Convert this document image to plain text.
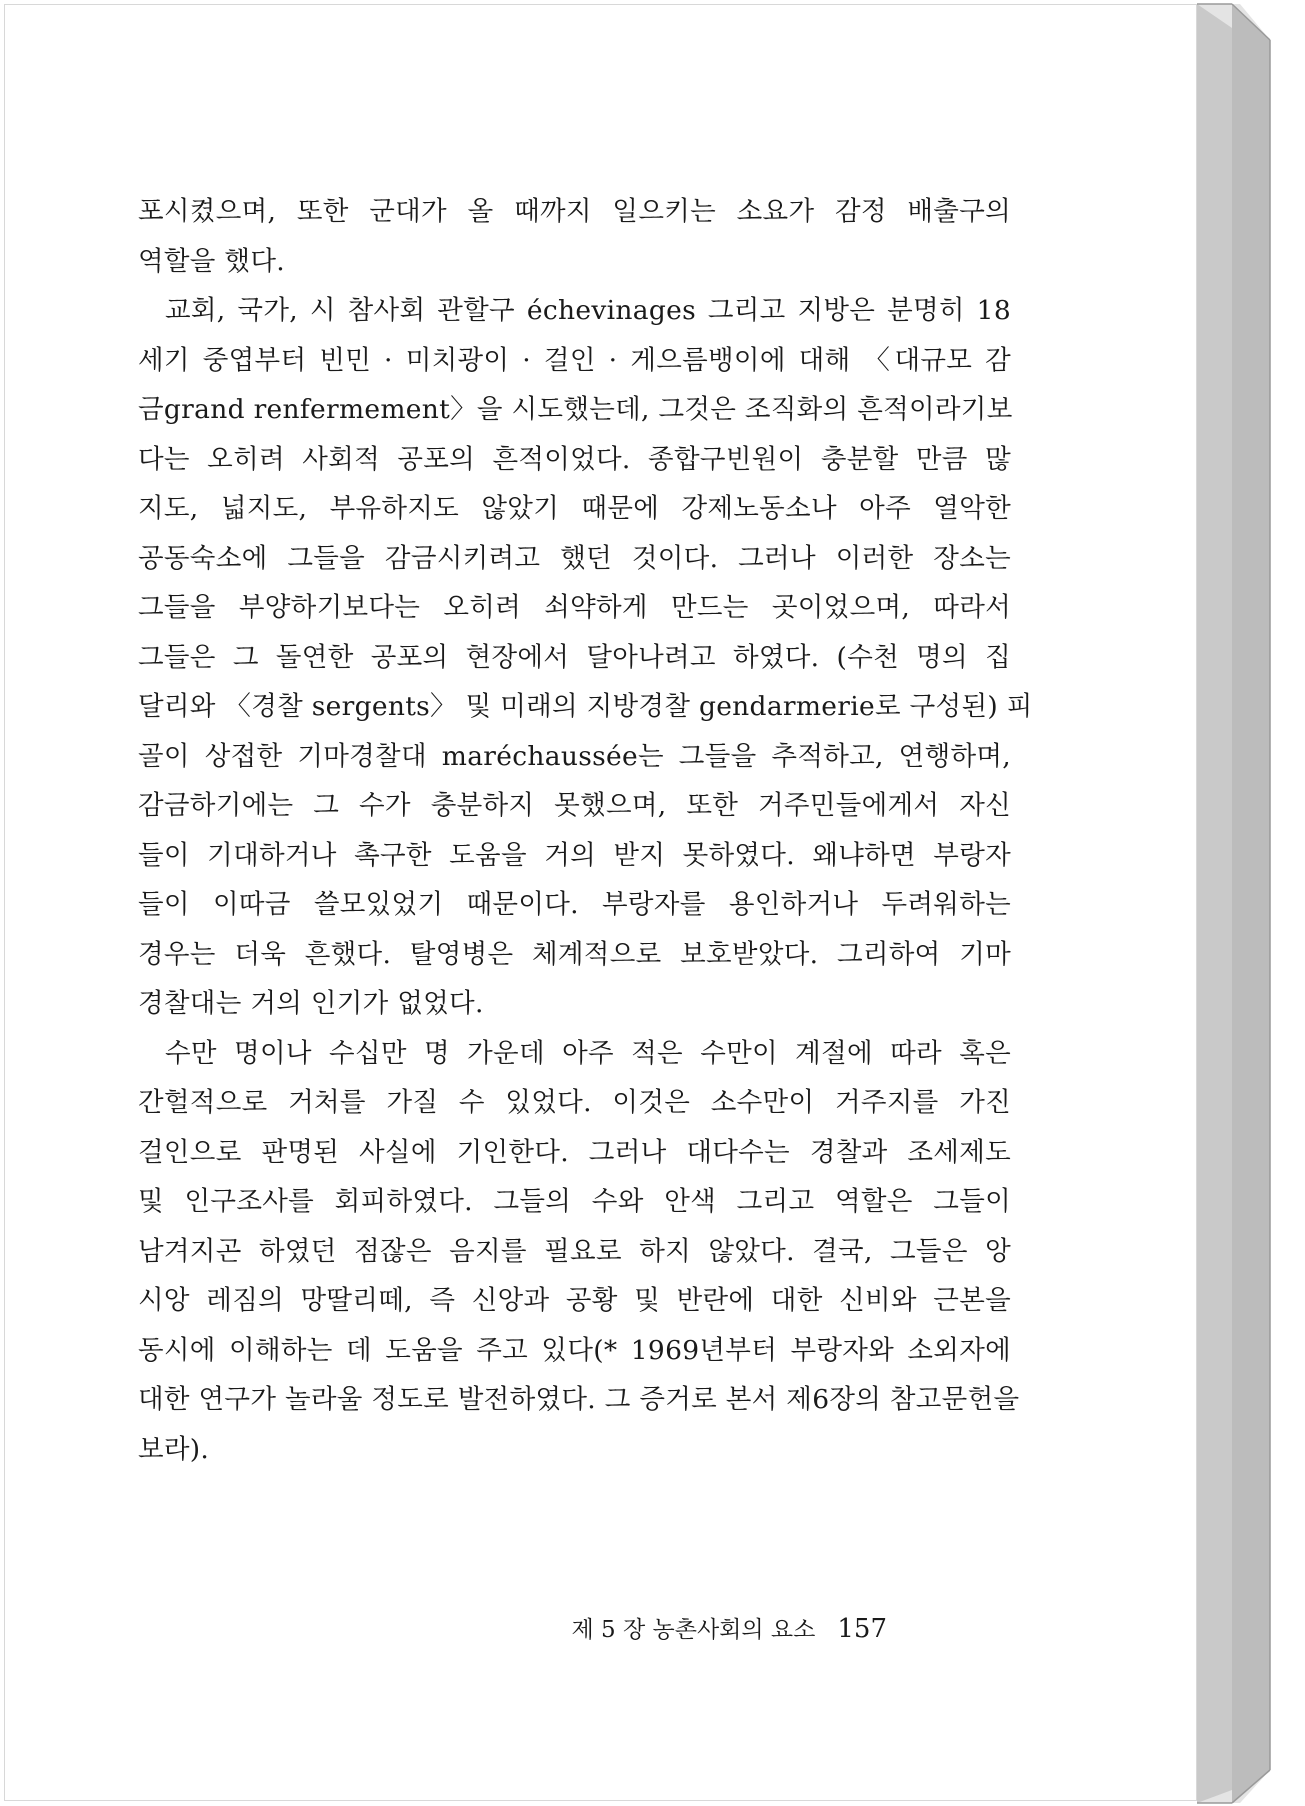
포시켰으며, 또한 군대가 올 때까지 일으키는 소요가 감정 배출구의
역할을 했다.

교회, 국가, 시 참사회 관할구 échevinages 그리고 지방은 분명히 18
세기 중엽부터 빈민 · 미치광이 · 걸인 · 게으름뱅이에 대해 〈대규모 감
금grand renfermement〉을 시도했는데, 그것은 조직화의 흔적이라기보
다는 오히려 사회적 공포의 흔적이었다. 종합구빈원이 충분할 만큼 많
지도, 넓지도, 부유하지도 않았기 때문에 강제노동소나 아주 열악한
공동숙소에 그들을 감금시키려고 했던 것이다. 그러나 이러한 장소는
그들을 부양하기보다는 오히려 쇠약하게 만드는 곳이었으며, 따라서
그들은 그 돌연한 공포의 현장에서 달아나려고 하였다. (수천 명의 집
달리와 〈경찰 sergents〉 및 미래의 지방경찰 gendarmerie로 구성된) 피
골이 상접한 기마경찰대 maréchaussée는 그들을 추적하고, 연행하며,
감금하기에는 그 수가 충분하지 못했으며, 또한 거주민들에게서 자신
들이 기대하거나 촉구한 도움을 거의 받지 못하였다. 왜냐하면 부랑자
들이 이따금 쓸모있었기 때문이다. 부랑자를 용인하거나 두려워하는
경우는 더욱 흔했다. 탈영병은 체계적으로 보호받았다. 그리하여 기마
경찰대는 거의 인기가 없었다.

수만 명이나 수십만 명 가운데 아주 적은 수만이 계절에 따라 혹은
간헐적으로 거처를 가질 수 있었다. 이것은 소수만이 거주지를 가진
걸인으로 판명된 사실에 기인한다. 그러나 대다수는 경찰과 조세제도
및 인구조사를 회피하였다. 그들의 수와 안색 그리고 역할은 그들이
남겨지곤 하였던 점잖은 음지를 필요로 하지 않았다. 결국, 그들은 앙
시앙 레짐의 망딸리떼, 즉 신앙과 공황 및 반란에 대한 신비와 근본을
동시에 이해하는 데 도움을 주고 있다(* 1969년부터 부랑자와 소외자에
대한 연구가 놀라울 정도로 발전하였다. 그 증거로 본서 제6장의 참고문헌을
보라).

제 5 장 농촌사회의 요소 157
